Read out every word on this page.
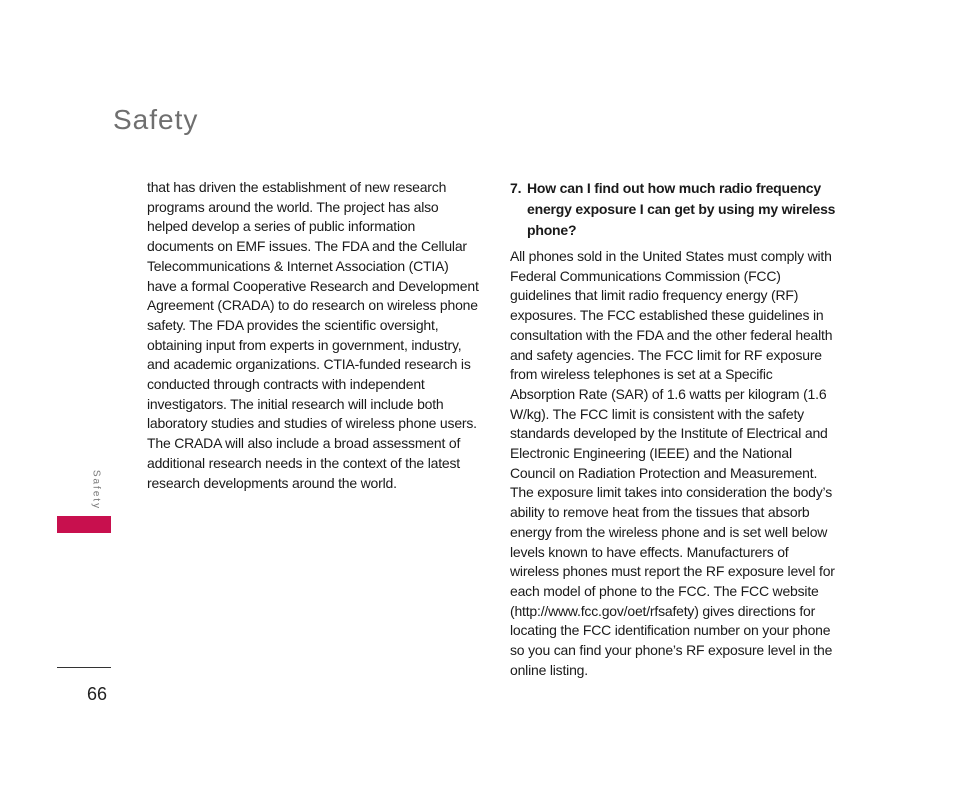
Safety
that has driven the establishment of new research programs around the world. The project has also helped develop a series of public information documents on EMF issues. The FDA and the Cellular Telecommunications & Internet Association (CTIA) have a formal Cooperative Research and Development Agreement (CRADA) to do research on wireless phone safety. The FDA provides the scientific oversight, obtaining input from experts in government, industry, and academic organizations. CTIA-funded research is conducted through contracts with independent investigators. The initial research will include both laboratory studies and studies of wireless phone users. The CRADA will also include a broad assessment of additional research needs in the context of the latest research developments around the world.
7. How can I find out how much radio frequency energy exposure I can get by using my wireless phone?
All phones sold in the United States must comply with Federal Communications Commission (FCC) guidelines that limit radio frequency energy (RF) exposures. The FCC established these guidelines in consultation with the FDA and the other federal health and safety agencies. The FCC limit for RF exposure from wireless telephones is set at a Specific Absorption Rate (SAR) of 1.6 watts per kilogram (1.6 W/kg). The FCC limit is consistent with the safety standards developed by the Institute of Electrical and Electronic Engineering (IEEE) and the National Council on Radiation Protection and Measurement. The exposure limit takes into consideration the body’s ability to remove heat from the tissues that absorb energy from the wireless phone and is set well below levels known to have effects. Manufacturers of wireless phones must report the RF exposure level for each model of phone to the FCC. The FCC website (http://www.fcc.gov/oet/rfsafety) gives directions for locating the FCC identification number on your phone so you can find your phone’s RF exposure level in the online listing.
Safety
66
